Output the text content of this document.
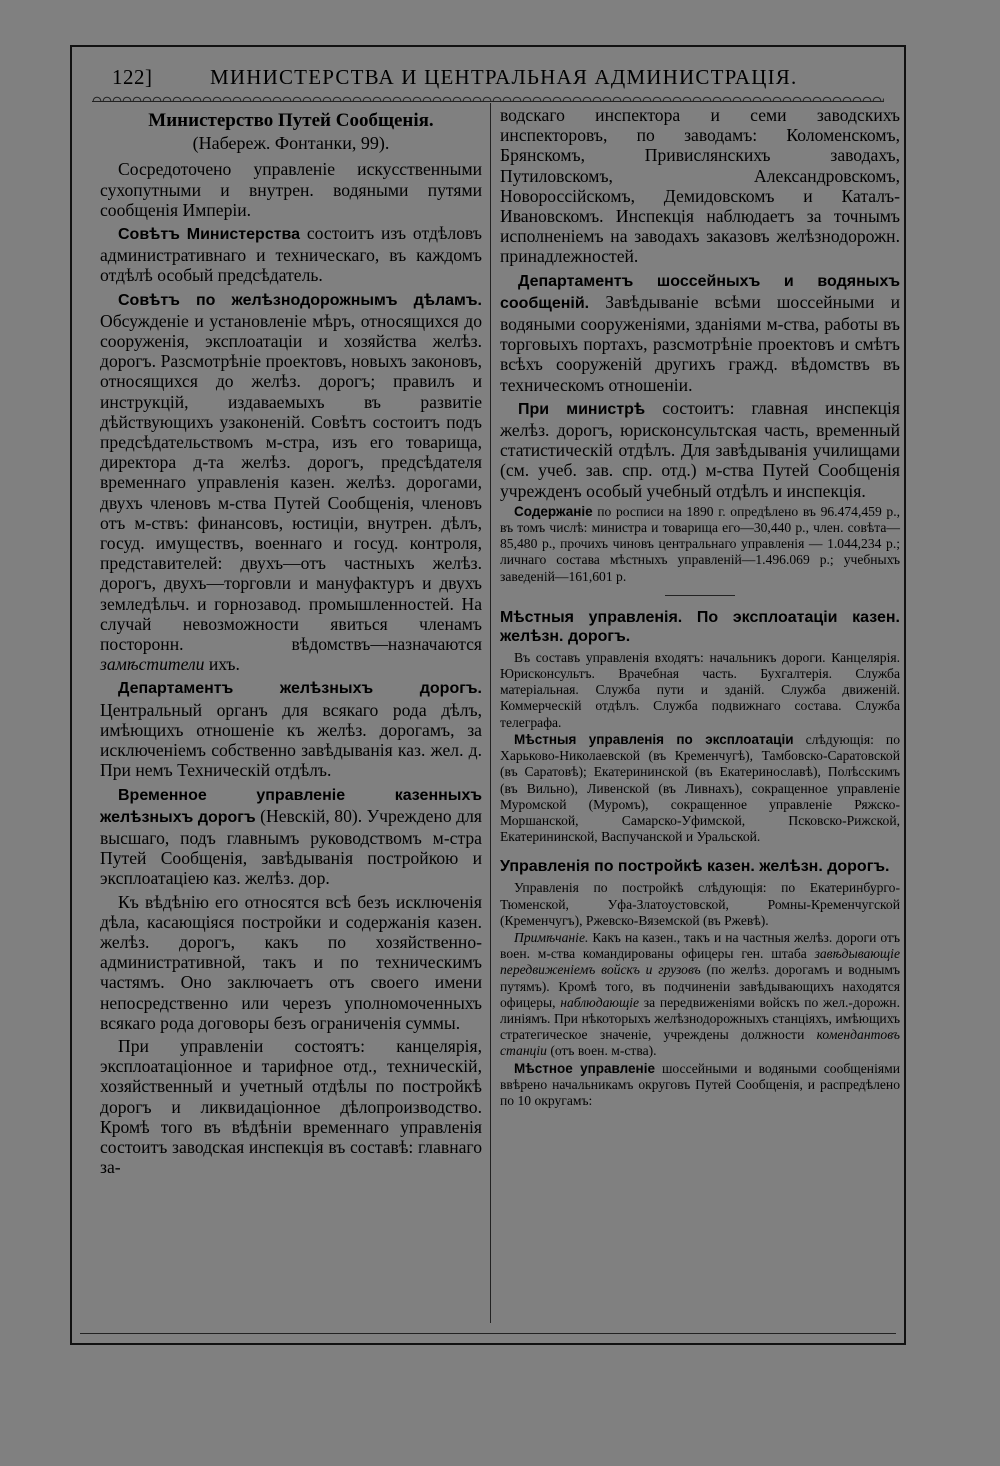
122]	МИНИСТЕРСТВА И ЦЕНТРАЛЬНАЯ АДМИНИСТРАЦІЯ.
Министерство Путей Сообщенія.
(Набереж. Фонтанки, 99).

Сосредоточено управленіе искусственными сухопутными и внутрен. водяными путями сообщенія Имперіи.

Совѣтъ Министерства состоитъ изъ отдѣловъ административнаго и техническаго, въ каждомъ отдѣлѣ особый предсѣдатель.

Совѣтъ по желѣзнодорожнымъ дѣламъ. Обсужденіе и установленіе мѣръ, относящихся до сооруженія, эксплоатаціи и хозяйства желѣз. дорогъ. Разсмотрѣніе проектовъ, новыхъ законовъ, относящихся до желѣз. дорогъ; правилъ и инструкцій, издаваемыхъ въ развитіе дѣйствующихъ узаконеній. Совѣтъ состоитъ подъ предсѣдательствомъ м-стра, изъ его товарища, директора д-та желѣз. дорогъ, предсѣдателя временнаго управленія казен. желѣз. дорогами, двухъ членовъ м-ства Путей Сообщенія, членовъ отъ м-ствъ: финансовъ, юстиціи, внутрен. дѣлъ, госуд. имуществъ, военнаго и госуд. контроля, представителей: двухъ—отъ частныхъ желѣз. дорогъ, двухъ—торговли и мануфактуръ и двухъ земледѣльч. и горнозавод. промышленностей. На случай невозможности явиться членамъ посторонн. вѣдомствъ—назначаются замѣстители ихъ.

Департаментъ желѣзныхъ дорогъ. Центральный органъ для всякаго рода дѣлъ, имѣющихъ отношеніе къ желѣз. дорогамъ, за исключеніемъ собственно завѣдыванія каз. жел. д. При немъ Техническій отдѣлъ.

Временное управленіе казенныхъ желѣзныхъ дорогъ (Невскій, 80). Учреждено для высшаго, подъ главнымъ руководствомъ м-стра Путей Сообщенія, завѣдыванія постройкою и эксплоатаціею каз. желѣз. дор.

Къ вѣдѣнію его относятся всѣ безъ исключенія дѣла, касающіяся постройки и содержанія казен. желѣз. дорогъ, какъ по хозяйственно-административной, такъ и по техническимъ частямъ. Оно заключаетъ отъ своего имени непосредственно или черезъ уполномоченныхъ всякаго рода договоры безъ ограниченія суммы.

При управленіи состоятъ: канцелярія, эксплоатаціонное и тарифное отд., техническій, хозяйственный и учетный отдѣлы по постройкѣ дорогъ и ликвидаціонное дѣлопроизводство. Кромѣ того въ вѣдѣніи временнаго управленія состоитъ заводская инспекція въ составѣ: главнаго за-

водскаго инспектора и семи заводскихъ инспекторовъ, по заводамъ: Коломенскомъ, Брянскомъ, Привислянскихъ заводахъ, Путиловскомъ, Александровскомъ, Новороссійскомъ, Демидовскомъ и Каталъ-Ивановскомъ. Инспекція наблюдаетъ за точнымъ исполненіемъ на заводахъ заказовъ желѣзнодорожн. принадлежностей.

Департаментъ шоссейныхъ и водяныхъ сообщеній. Завѣдываніе всѣми шоссейными и водяными сооруженіями, зданіями м-ства, работы въ торговыхъ портахъ, разсмотрѣніе проектовъ и смѣтъ всѣхъ сооруженій другихъ гражд. вѣдомствъ въ техническомъ отношеніи.

При министрѣ состоитъ: главная инспекція желѣз. дорогъ, юрисконсультская часть, временный статистическій отдѣлъ. Для завѣдыванія училищами (см. учеб. зав. спр. отд.) м-ства Путей Сообщенія учрежденъ особый учебный отдѣлъ и инспекція.

Содержаніе по росписи на 1890 г. опредѣлено въ 96.474,459 р., въ томъ числѣ: министра и товарища его—30,440 р., член. совѣта—85,480 р., прочихъ чиновъ центральнаго управленія — 1.044,234 р.; личнаго состава мѣстныхъ управленій—1.496.069 р.; учебныхъ заведеній—161,601 р.

Мѣстныя управленія. По эксплоатаціи казен. желѣзн. дорогъ.

Въ составъ управленія входятъ: начальникъ дороги. Канцелярія. Юрисконсультъ. Врачебная часть. Бухгалтерія. Служба матеріальная. Служба пути и зданій. Служба движеній. Коммерческій отдѣлъ. Служба подвижнаго состава. Служба телеграфа.

Мѣстныя управленія по эксплоатаціи слѣдующія: по Харьково-Николаевской (въ Кременчугѣ), Тамбовско-Саратовской (въ Саратовѣ); Екатерининской (въ Екатеринославѣ), Полѣсскимъ (въ Вильно), Ливенской (въ Ливнахъ), сокращенное управленіе Муромской (Муромъ), сокращенное управленіе Ряжско-Моршанской, Самарско-Уфимской, Псковско-Рижской, Екатерининской, Васпучанской и Уральской.

Управленія по постройкѣ казен. желѣзн. дорогъ.

Управленія по постройкѣ слѣдующія: по Екатеринбурго-Тюменской, Уфа-Златоустовской, Ромны-Кременчугской (Кременчугъ), Ржевско-Вяземской (въ Ржевѣ).

Примѣчаніе. Какъ на казен., такъ и на частныя желѣз. дороги отъ воен. м-ства командированы офицеры ген. штаба завѣдывающіе передвиженіемъ войскъ и грузовъ (по желѣз. дорогамъ и воднымъ путямъ). Кромѣ того, въ подчиненіи завѣдывающихъ находятся офицеры, наблюдающіе за передвиженіями войскъ по жел.-дорожн. линіямъ. При нѣкоторыхъ желѣзнодорожныхъ станціяхъ, имѣющихъ стратегическое значеніе, учреждены должности комендантовъ станціи (отъ воен. м-ства).

Мѣстное управленіе шоссейными и водяными сообщеніями ввѣрено начальникамъ округовъ Путей Сообщенія, и распредѣлено по 10 округамъ:
